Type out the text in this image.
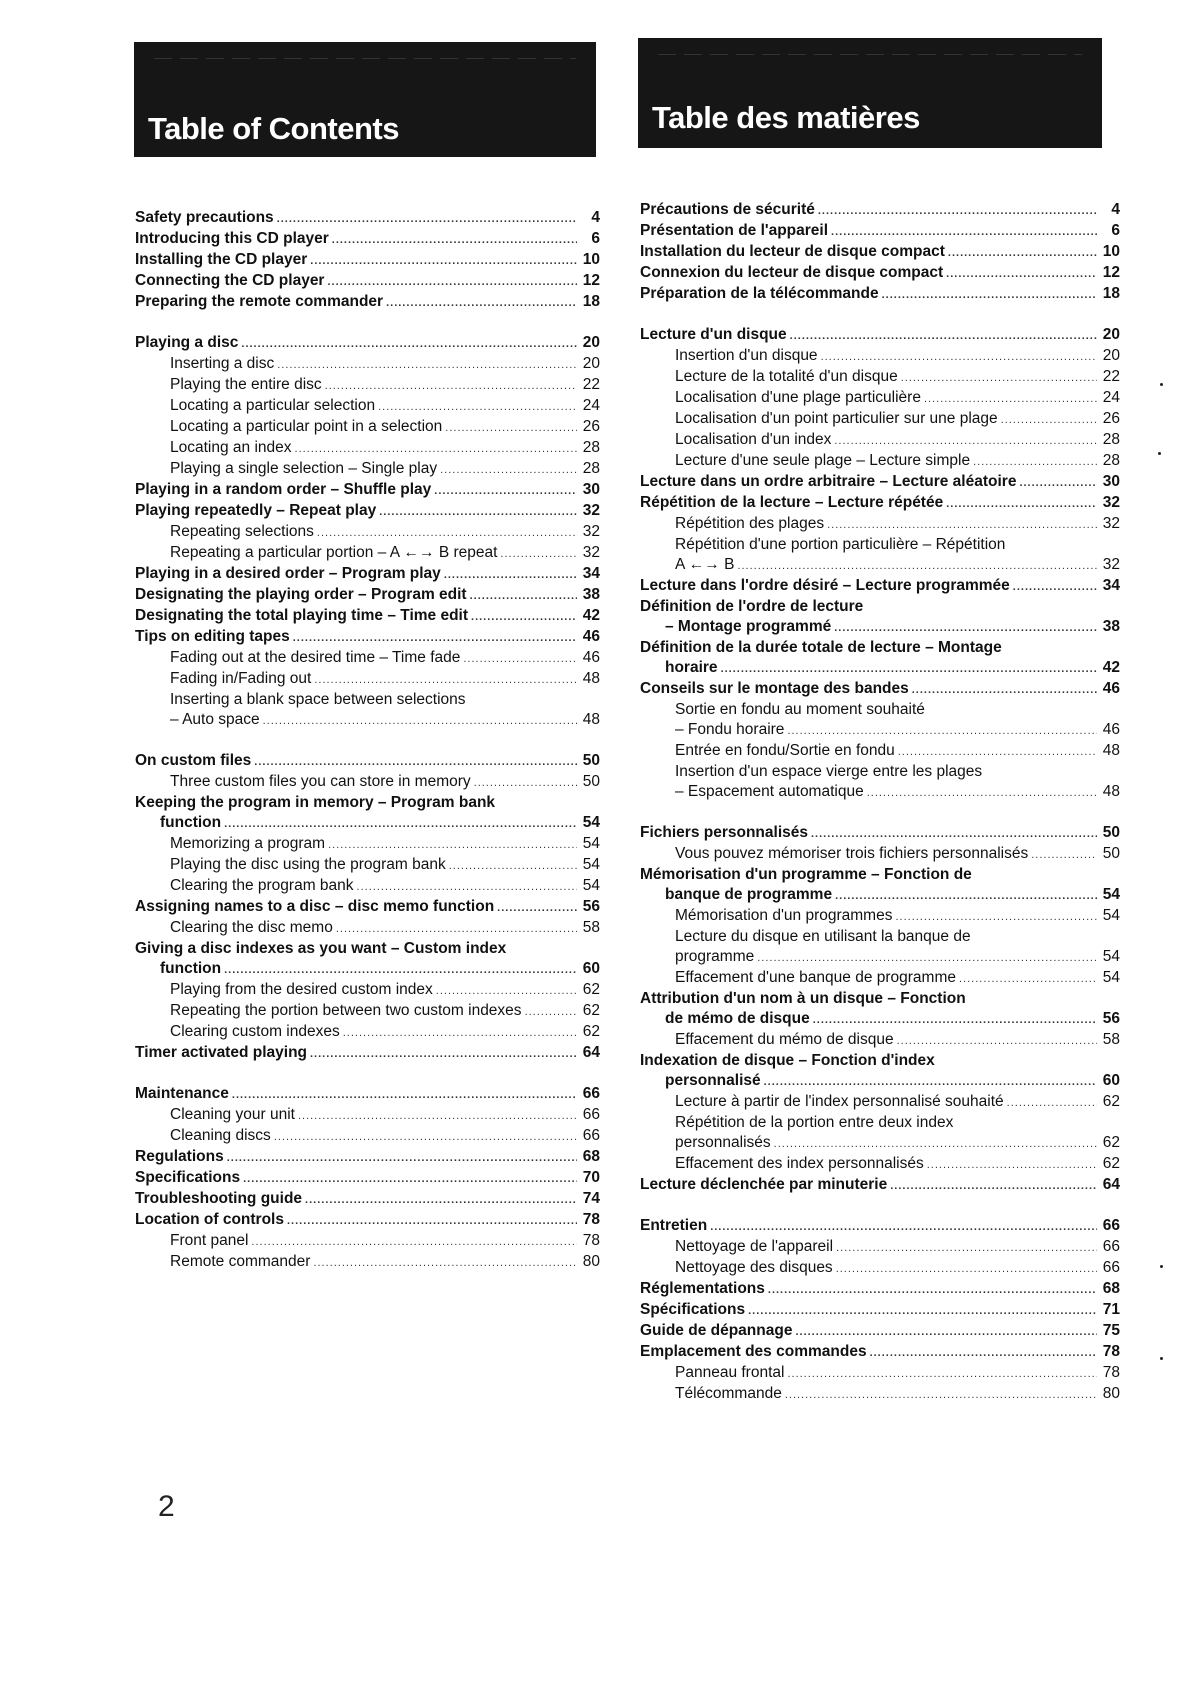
Table of Contents	Table des matières
Safety precautions .....	4
Introducing this CD player .....	6
Installing the CD player .....	10
Connecting the CD player .....	12
Preparing the remote commander .....	18
Playing a disc .....	20
Inserting a disc .....	20
Playing the entire disc .....	22
Locating a particular selection .....	24
Locating a particular point in a selection .....	26
Locating an index .....	28
Playing a single selection – Single play .....	28
Playing in a random order – Shuffle play .....	30
Playing repeatedly – Repeat play .....	32
Repeating selections .....	32
Repeating a particular portion – A ←→ B repeat .....	32
Playing in a desired order – Program play .....	34
Designating the playing order – Program edit .....	38
Designating the total playing time – Time edit .....	42
Tips on editing tapes .....	46
Fading out at the desired time – Time fade .....	46
Fading in/Fading out .....	48
Inserting a blank space between selections
– Auto space .....	48
On custom files .....	50
Three custom files you can store in memory .....	50
Keeping the program in memory – Program bank
function .....	54
Memorizing a program .....	54
Playing the disc using the program bank .....	54
Clearing the program bank .....	54
Assigning names to a disc – disc memo function .....	56
Clearing the disc memo .....	58
Giving a disc indexes as you want – Custom index
function .....	60
Playing from the desired custom index .....	62
Repeating the portion between two custom indexes .....	62
Clearing custom indexes .....	62
Timer activated playing .....	64
Maintenance .....	66
Cleaning your unit .....	66
Cleaning discs .....	66
Regulations .....	68
Specifications .....	70
Troubleshooting guide .....	74
Location of controls .....	78
Front panel .....	78
Remote commander .....	80
Précautions de sécurité .....	4
Présentation de l'appareil .....	6
Installation du lecteur de disque compact .....	10
Connexion du lecteur de disque compact .....	12
Préparation de la télécommande .....	18
Lecture d'un disque .....	20
Insertion d'un disque .....	20
Lecture de la totalité d'un disque .....	22
Localisation d'une plage particulière .....	24
Localisation d'un point particulier sur une plage .....	26
Localisation d'un index .....	28
Lecture d'une seule plage – Lecture simple .....	28
Lecture dans un ordre arbitraire – Lecture aléatoire .....	30
Répétition de la lecture – Lecture répétée .....	32
Répétition des plages .....	32
Répétition d'une portion particulière – Répétition
A ←→ B .....	32
Lecture dans l'ordre désiré – Lecture programmée .....	34
Définition de l'ordre de lecture
– Montage programmé .....	38
Définition de la durée totale de lecture – Montage
horaire .....	42
Conseils sur le montage des bandes .....	46
Sortie en fondu au moment souhaité
– Fondu horaire .....	46
Entrée en fondu/Sortie en fondu .....	48
Insertion d'un espace vierge entre les plages
– Espacement automatique .....	48
Fichiers personnalisés .....	50
Vous pouvez mémoriser trois fichiers personnalisés .....	50
Mémorisation d'un programme – Fonction de
banque de programme .....	54
Mémorisation d'un programmes .....	54
Lecture du disque en utilisant la banque de
programme .....	54
Effacement d'une banque de programme .....	54
Attribution d'un nom à un disque – Fonction
de mémo de disque .....	56
Effacement du mémo de disque .....	58
Indexation de disque – Fonction d'index
personnalisé .....	60
Lecture à partir de l'index personnalisé souhaité .....	62
Répétition de la portion entre deux index
personnalisés .....	62
Effacement des index personnalisés .....	62
Lecture déclenchée par minuterie .....	64
Entretien .....	66
Nettoyage de l'appareil .....	66
Nettoyage des disques .....	66
Réglementations .....	68
Spécifications .....	71
Guide de dépannage .....	75
Emplacement des commandes .....	78
Panneau frontal .....	78
Télécommande .....	80
2
